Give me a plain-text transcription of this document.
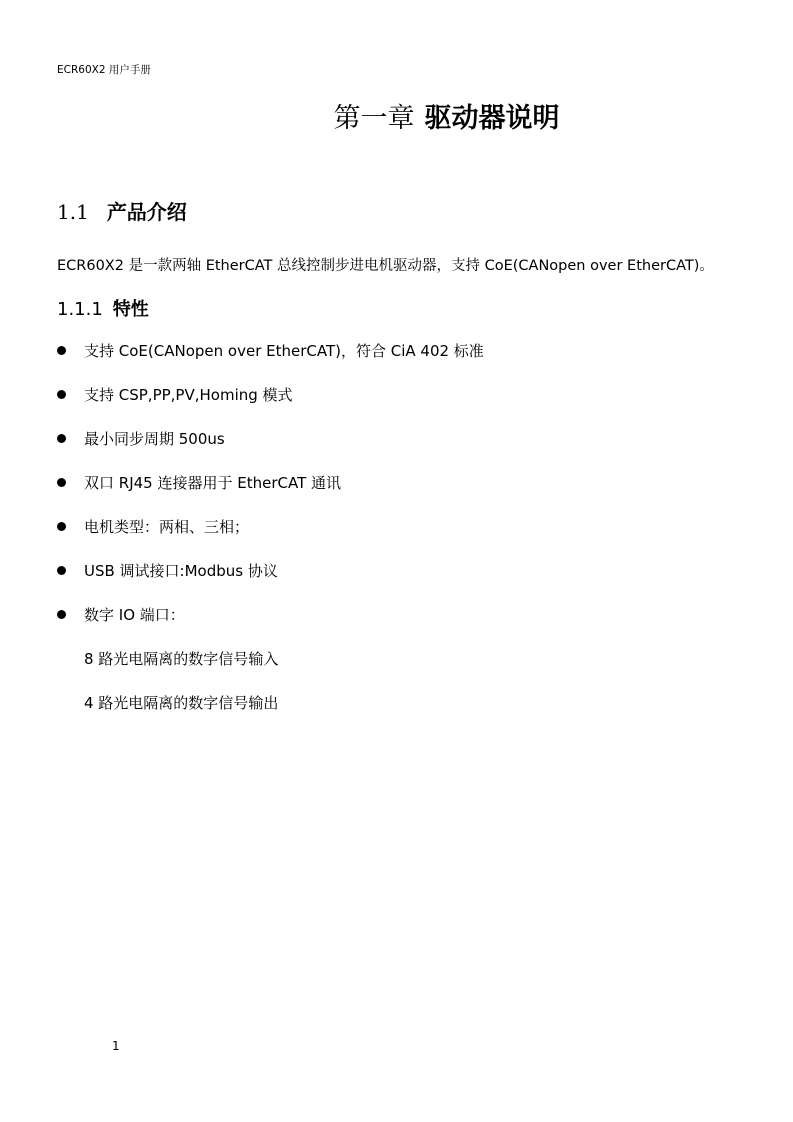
ECR60X2 用户手册
第一章 驱动器说明
1.1 产品介绍
ECR60X2 是一款两轴 EtherCAT 总线控制步进电机驱动器，支持 CoE(CANopen over EtherCAT)。
1.1.1 特性
支持 CoE(CANopen over EtherCAT)，符合 CiA 402 标准
支持 CSP,PP,PV,Homing 模式
最小同步周期 500us
双口 RJ45 连接器用于 EtherCAT 通讯
电机类型：两相、三相；
USB 调试接口:Modbus 协议
数字 IO 端口：
8 路光电隔离的数字信号输入
4 路光电隔离的数字信号输出
1
